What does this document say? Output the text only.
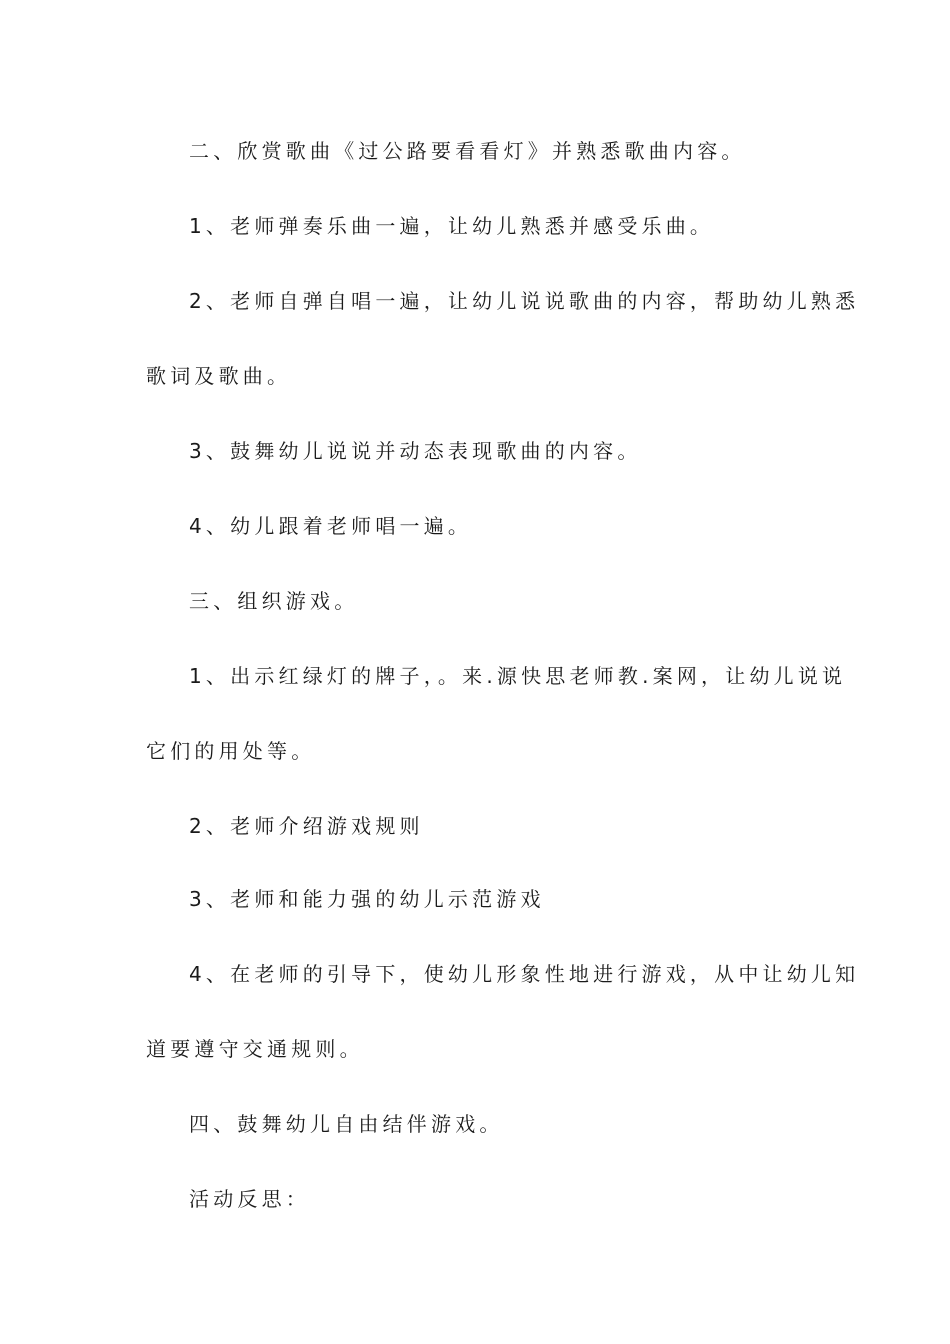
二、欣赏歌曲《过公路要看看灯》并熟悉歌曲内容。
1、老师弹奏乐曲一遍，让幼儿熟悉并感受乐曲。
2、老师自弹自唱一遍，让幼儿说说歌曲的内容，帮助幼儿熟悉
歌词及歌曲。
3、鼓舞幼儿说说并动态表现歌曲的内容。
4、幼儿跟着老师唱一遍。
三、组织游戏。
1、出示红绿灯的牌子，。来.源快思老师教.案网，让幼儿说说
它们的用处等。
2、老师介绍游戏规则
3、老师和能力强的幼儿示范游戏
4、在老师的引导下，使幼儿形象性地进行游戏，从中让幼儿知
道要遵守交通规则。
四、鼓舞幼儿自由结伴游戏。
活动反思：
